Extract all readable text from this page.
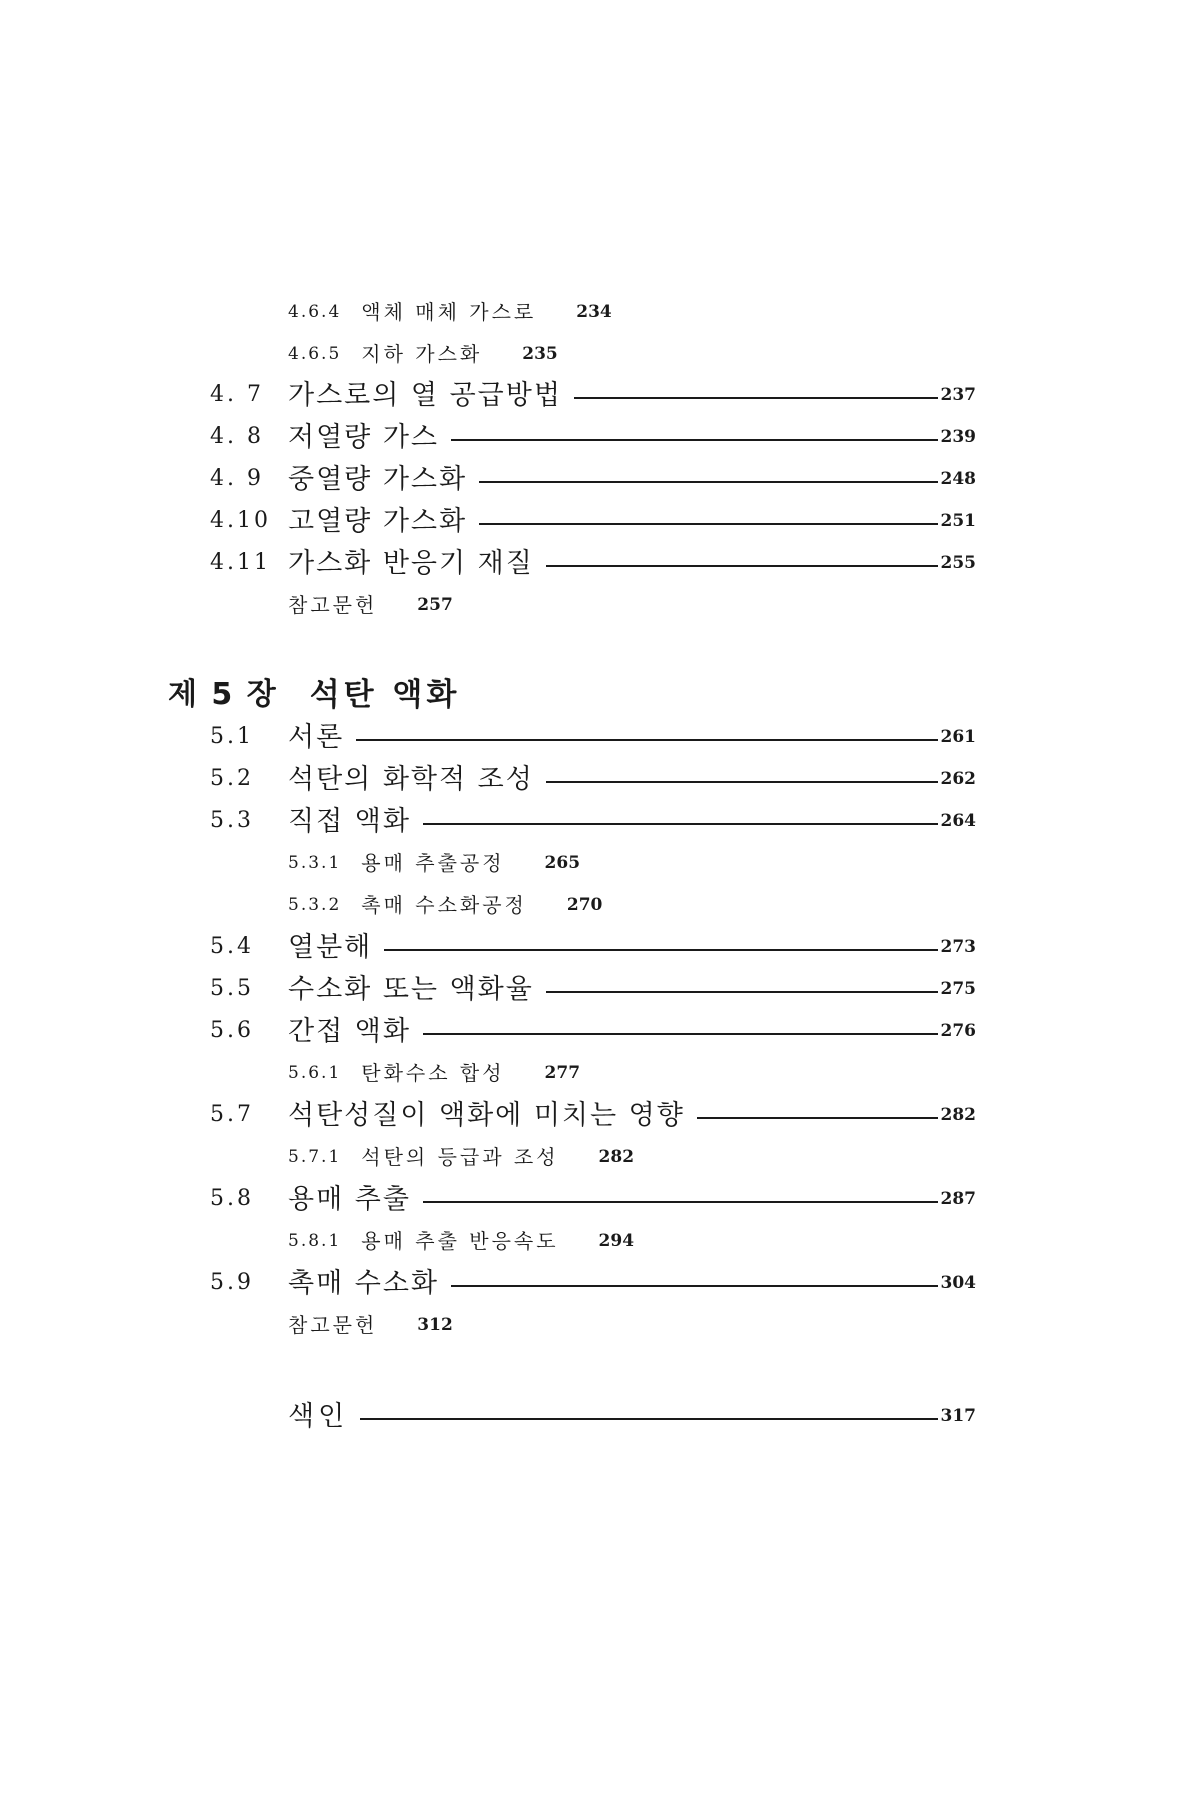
4.6.4 액체 매체 가스로 234
4.6.5 지하 가스화 235
4. 7 가스로의 열 공급방법	237
4. 8 저열량 가스	239
4. 9 중열량 가스화	248
4.10 고열량 가스화	251
4.11 가스화 반응기 재질	255
참고문헌 257
제 5 장 석탄 액화
5.1	서론	261
5.2	석탄의 화학적 조성	262
5.3	직접 액화	264
5.3.1 용매 추출공정 265
5.3.2 촉매 수소화공정 270
5.4	열분해	273
5.5	수소화 또는 액화율	275
5.6	간접 액화	276
5.6.1 탄화수소 합성 277
5.7	석탄성질이 액화에 미치는 영향	282
5.7.1 석탄의 등급과 조성 282
5.8	용매 추출	287
5.8.1 용매 추출 반응속도 294
5.9	촉매 수소화	304
참고문헌 312
색인	317
